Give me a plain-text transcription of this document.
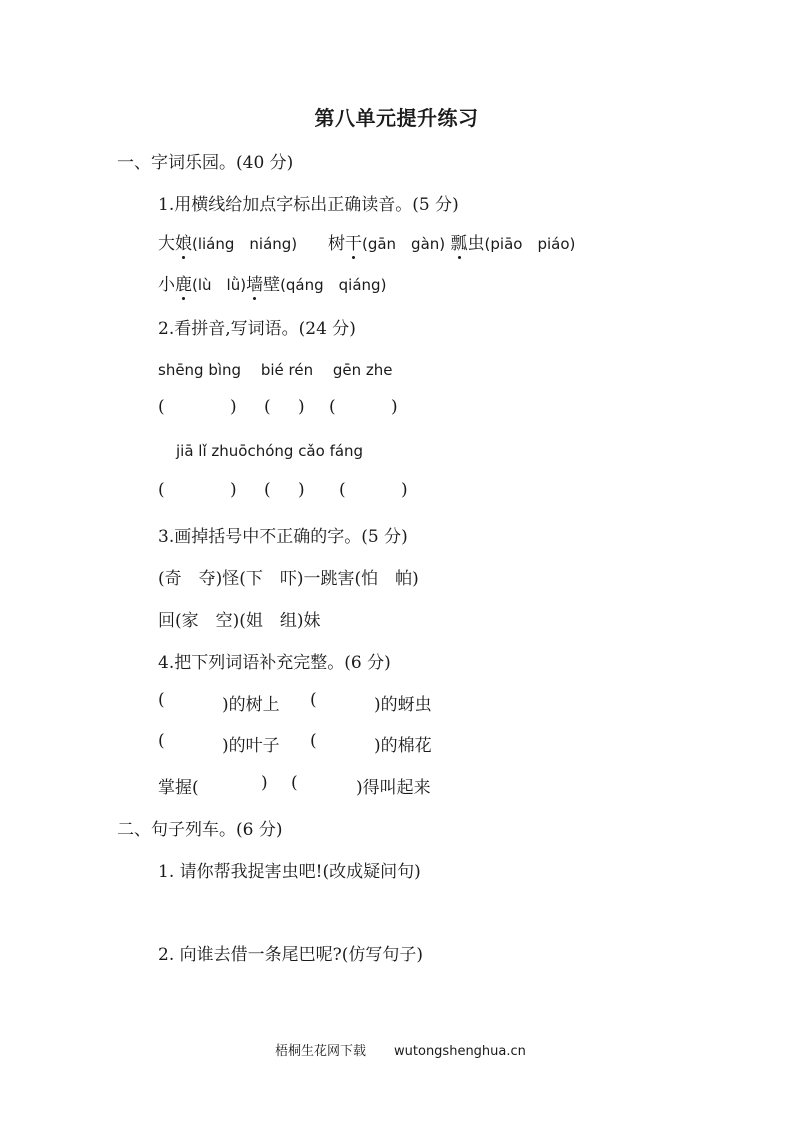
第八单元提升练习
一、字词乐园。(40 分)
1.用横线给加点字标出正确读音。(5 分)
大娘(liáng　niáng) 树干(gān　gàn) 瓢虫(piāo　piáo)
小鹿(lù　lǜ)墙壁(qáng　qiáng)
2.看拼音,写词语。(24 分)
shēng bìng　 bié rén　 gēn zhe
(	) ( ) (	)
jiā lǐ zhuōchóng cǎo fáng
(	) ( ) (	)
3.画掉括号中不正确的字。(5 分)
(奇　夺)怪(下　吓)一跳害(怕　帕)
回(家　空)(姐　组)妹
4.把下列词语补充完整。(6 分)
(	)的树上 (	)的蚜虫
(	)的叶子 (	)的棉花
掌握(	) (	)得叫起来
二、句子列车。(6 分)
1. 请你帮我捉害虫吧!(改成疑问句)
2. 向谁去借一条尾巴呢?(仿写句子)
梧桐生花网下载 wutongshenghua.cn
